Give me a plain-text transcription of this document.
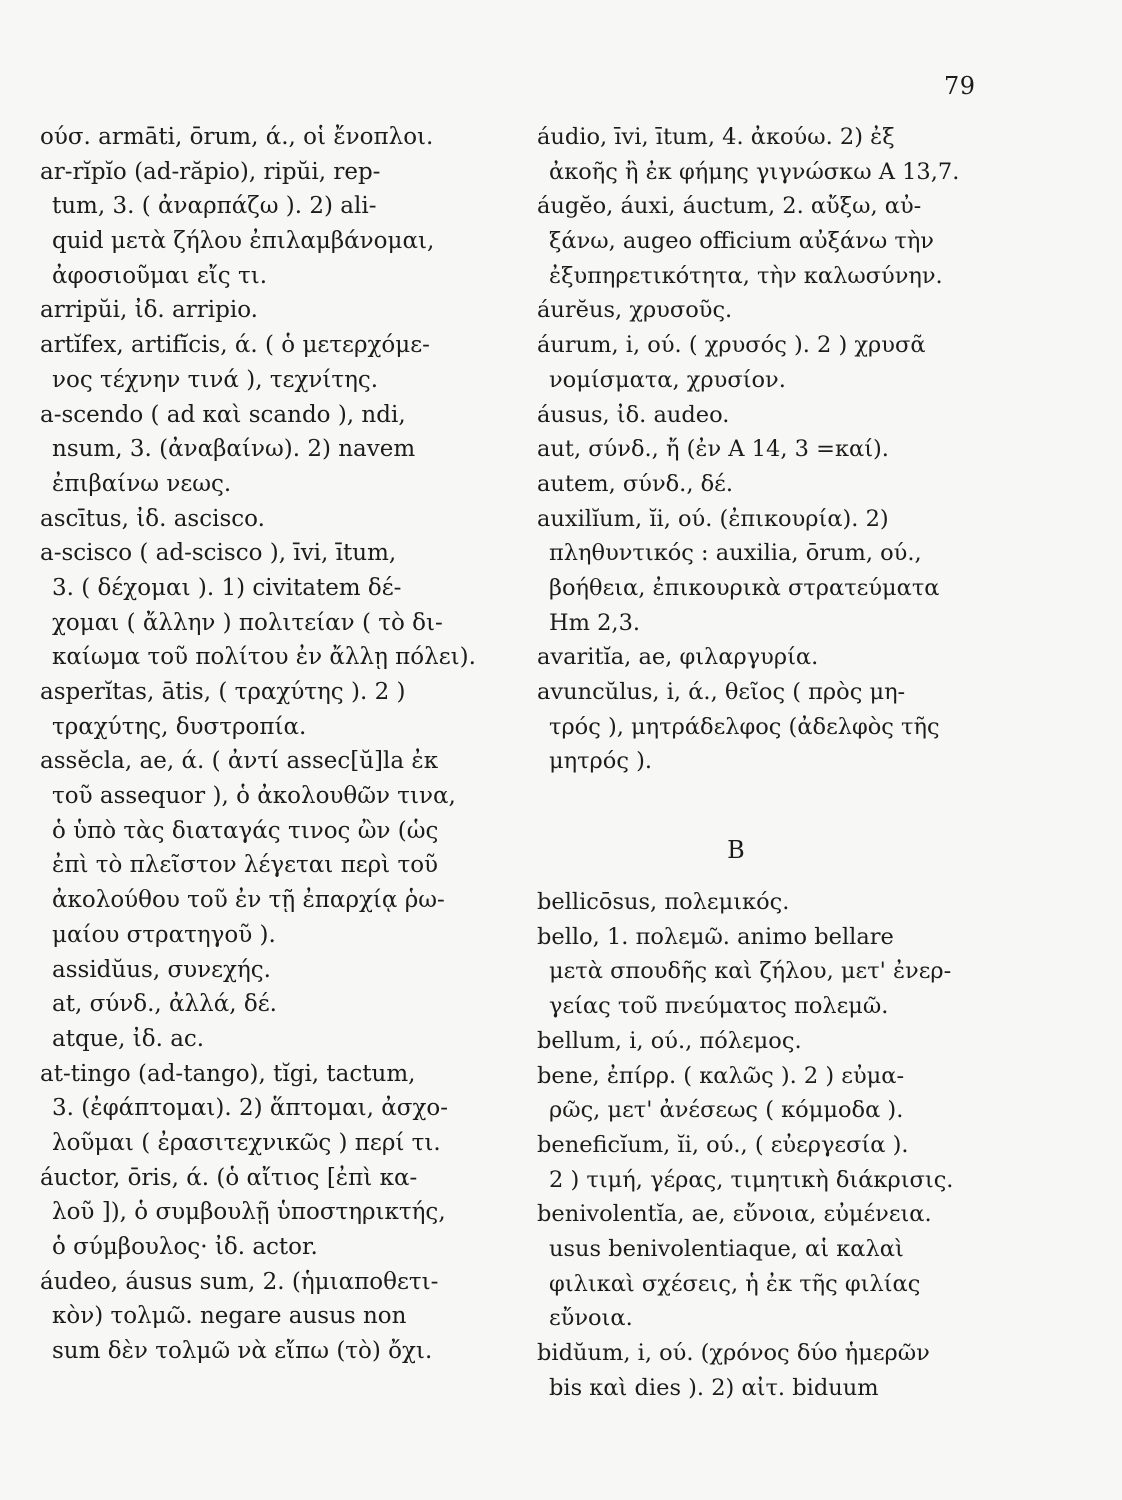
79
ούσ. armāti, ōrum, ά., οἱ ἔνοπλοι.
ar-rĭpĭo (ad-răpio), ripŭi, rep-
tum, 3. ( ἀναρπάζω ). 2) ali-
quid μετὰ ζήλου ἐπιλαμβάνομαι,
ἀφοσιοῦμαι εἴς τι.
arripŭi, ἰδ. arripio.
artĭfex, artifĭcis, ά. ( ὁ μετερχόμε-
νος τέχνην τινά ), τεχνίτης.
a-scendo ( ad καὶ scando ), ndi,
nsum, 3. (ἀναβαίνω). 2) navem
ἐπιβαίνω νεως.
ascītus, ἰδ. ascisco.
a-scisco ( ad-scisco ), īvi, ītum,
3. ( δέχομαι ). 1) civitatem δέ-
χομαι ( ἄλλην ) πολιτείαν ( τὸ δι-
καίωμα τοῦ πολίτου ἐν ἄλλῃ πόλει).
asperĭtas, ātis, ( τραχύτης ). 2 )
τραχύτης, δυστροπία.
assĕcla, ae, ά. ( ἀντί assec[ŭ]la ἐκ
τοῦ assequor ), ὁ ἀκολουθῶν τινα,
ὁ ὑπὸ τὰς διαταγάς τινος ὢν (ὡς
ἐπὶ τὸ πλεῖστον λέγεται περὶ τοῦ
ἀκολούθου τοῦ ἐν τῇ ἐπαρχίᾳ ῥω-
μαίου στρατηγοῦ ).
assidŭus, συνεχής.
at, σύνδ., ἀλλά, δέ.
atque, ἰδ. ac.
at-tingo (ad-tango), tĭgi, tactum,
3. (ἐφάπτομαι). 2) ἅπτομαι, ἀσχο-
λοῦμαι ( ἐρασιτεχνικῶς ) περί τι.
áuctor, ōris, ά. (ὁ αἴτιος [ἐπὶ κα-
λοῦ ]), ὁ συμβουλῇ ὑποστηρικτής,
ὁ σύμβουλος· ἰδ. actor.
áudeo, áusus sum, 2. (ἡμιαποθετι-
κὸν) τολμῶ. negare ausus non
sum δὲν τολμῶ νὰ εἴπω (τὸ) ὄχι.
áudio, īvi, ītum, 4. ἀκούω. 2) ἐξ
ἀκοῆς ἢ ἐκ φήμης γιγνώσκω Α 13,7.
áugĕo, áuxi, áuctum, 2. αὔξω, αὐ-
ξάνω, augeo officium αὐξάνω τὴν
ἐξυπηρετικότητα, τὴν καλωσύνην.
áurĕus, χρυσοῦς.
áurum, i, ού. ( χρυσός ). 2 ) χρυσᾶ
νομίσματα, χρυσίον.
áusus, ἰδ. audeo.
aut, σύνδ., ἤ (ἐν Α 14, 3 =καί).
autem, σύνδ., δέ.
auxilĭum, ĭi, ού. (ἐπικουρία). 2)
πληθυντικός : auxilia, ōrum, ού.,
βοήθεια, ἐπικουρικὰ στρατεύματα
Hm 2,3.
avaritĭa, ae, φιλαργυρία.
avuncŭlus, i, ά., θεῖος ( πρὸς μη-
τρός ), μητράδελφος (ἀδελφὸς τῆς
μητρός ).
B
bellicōsus, πολεμικός.
bello, 1. πολεμῶ. animo bellare
μετὰ σπουδῆς καὶ ζήλου, μετ' ἐνερ-
γείας τοῦ πνεύματος πολεμῶ.
bellum, i, ού., πόλεμος.
bene, ἐπίρρ. ( καλῶς ). 2 ) εὐμα-
ρῶς, μετ' ἀνέσεως ( κόμμοδα ).
beneficĭum, ĭi, ού., ( εὐεργεσία ).
2 ) τιμή, γέρας, τιμητικὴ διάκρισις.
benivolentĭa, ae, εὔνοια, εὐμένεια.
usus benivolentiaque, αἱ καλαὶ
φιλικαὶ σχέσεις, ἡ ἐκ τῆς φιλίας
εὔνοια.
bidŭum, i, ού. (χρόνος δύο ἡμερῶν
bis καὶ dies ). 2) αἰτ. biduum
